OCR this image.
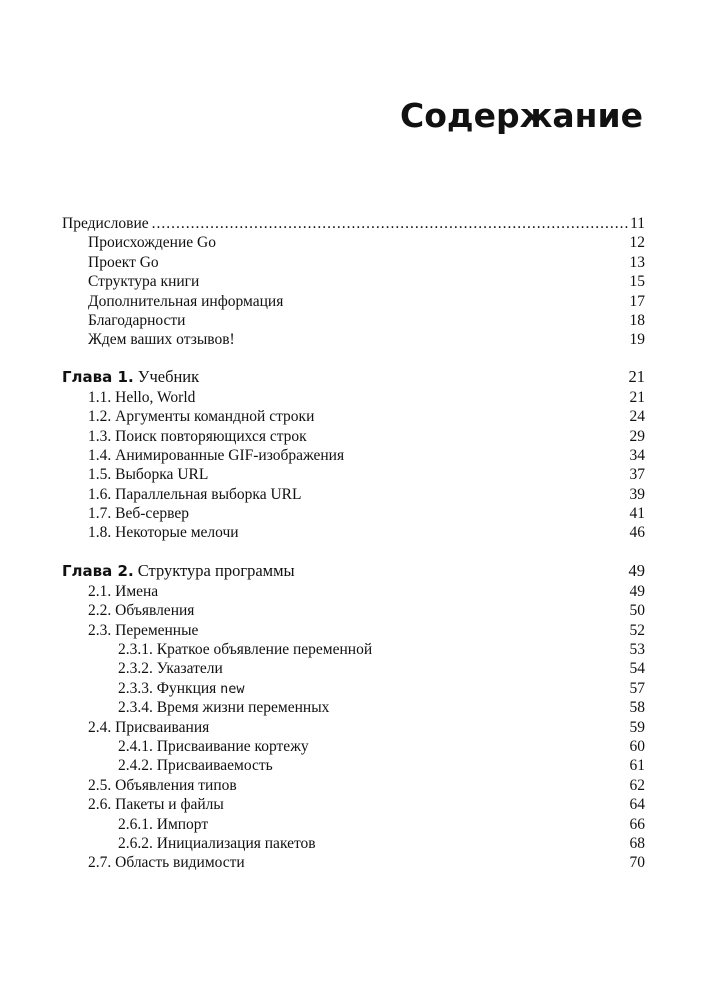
Содержание
Предисловие .....	11
Происхождение Go	12
Проект Go	13
Структура книги	15
Дополнительная информация	17
Благодарности	18
Ждем ваших отзывов!	19
Глава 1. Учебник	21
1.1. Hello, World	21
1.2. Аргументы командной строки	24
1.3. Поиск повторяющихся строк	29
1.4. Анимированные GIF-изображения	34
1.5. Выборка URL	37
1.6. Параллельная выборка URL	39
1.7. Веб-сервер	41
1.8. Некоторые мелочи	46
Глава 2. Структура программы	49
2.1. Имена	49
2.2. Объявления	50
2.3. Переменные	52
2.3.1. Краткое объявление переменной	53
2.3.2. Указатели	54
2.3.3. Функция new	57
2.3.4. Время жизни переменных	58
2.4. Присваивания	59
2.4.1. Присваивание кортежу	60
2.4.2. Присваиваемость	61
2.5. Объявления типов	62
2.6. Пакеты и файлы	64
2.6.1. Импорт	66
2.6.2. Инициализация пакетов	68
2.7. Область видимости	70
